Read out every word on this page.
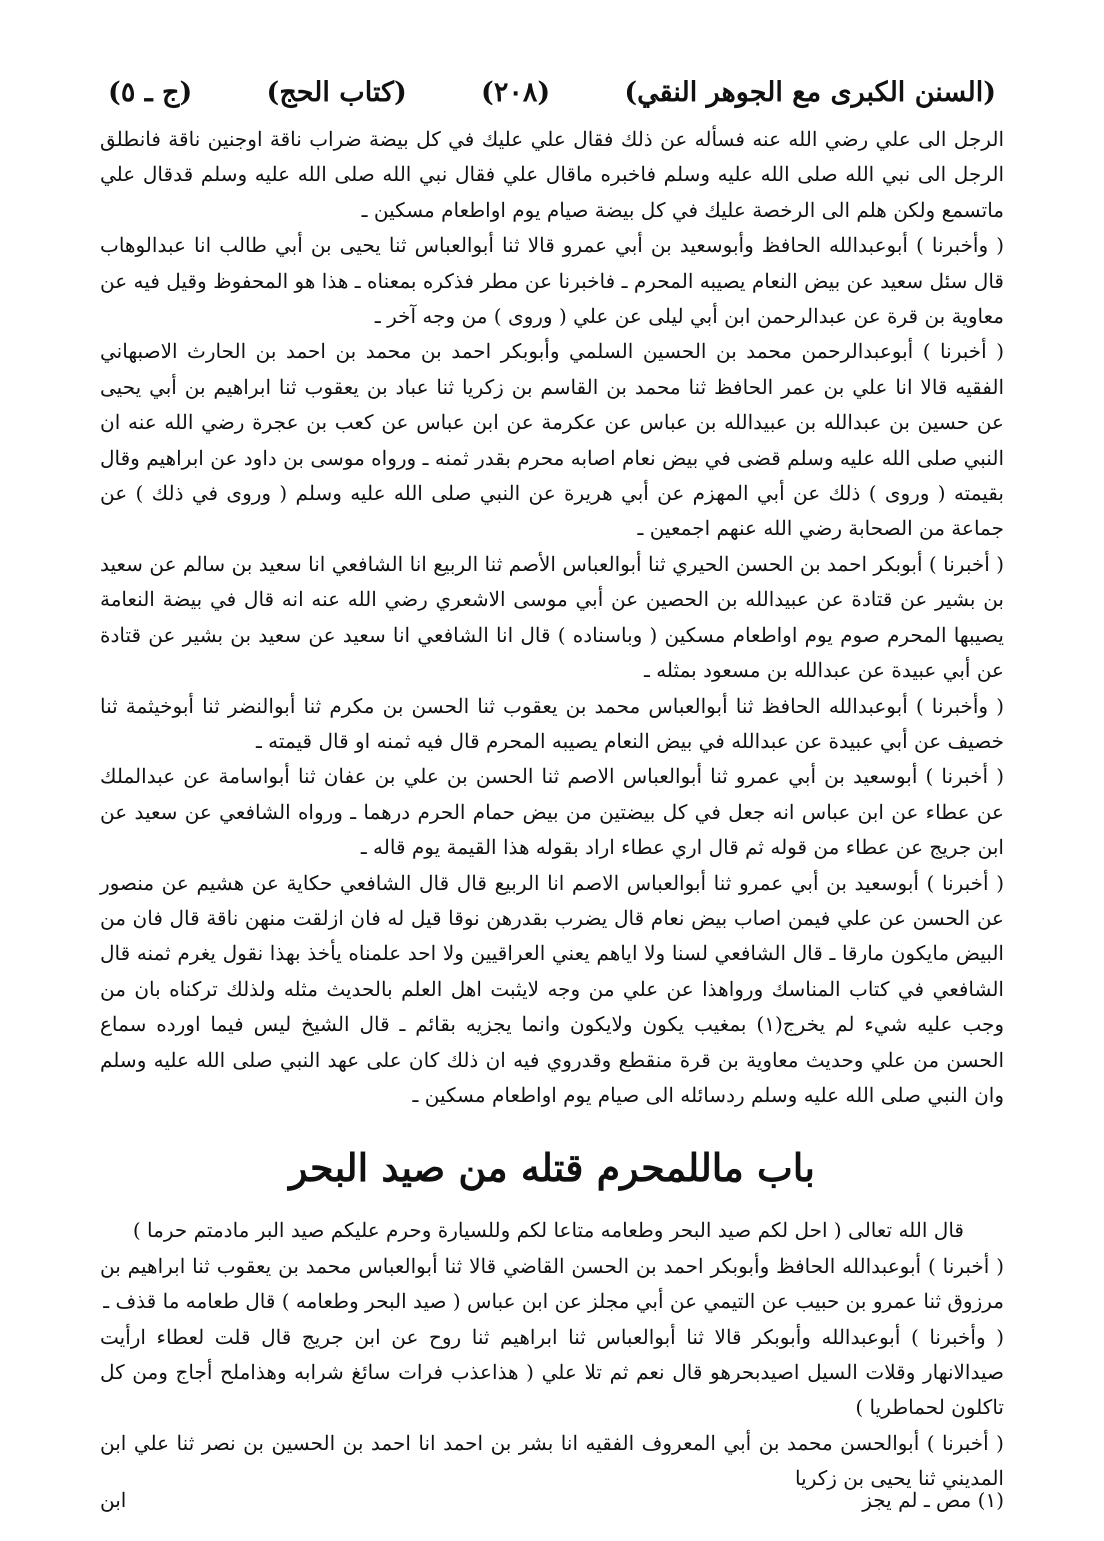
(السنن الكبرى مع الجوهر النقي)
(٢٠٨)
(كتاب الحج)
(ج ـ ٥)

الرجل الى علي رضي الله عنه فسأله عن ذلك فقال علي عليك في كل بيضة ضراب ناقة اوجنين ناقة فانطلق الرجل الى نبي الله صلى الله عليه وسلم فاخبره ماقال علي فقال نبي الله صلى الله عليه وسلم قدقال علي ماتسمع ولكن هلم الى الرخصة عليك في كل بيضة صيام يوم اواطعام مسكين ـ

( وأخبرنا ) أبوعبدالله الحافظ وأبوسعيد بن أبي عمرو قالا ثنا أبوالعباس ثنا يحيى بن أبي طالب انا عبدالوهاب قال سئل سعيد عن بيض النعام يصيبه المحرم ـ فاخبرنا عن مطر فذكره بمعناه ـ هذا هو المحفوظ وقيل فيه عن معاوية بن قرة عن عبدالرحمن ابن أبي ليلى عن علي ( وروى ) من وجه آخر ـ

( أخبرنا ) أبوعبدالرحمن محمد بن الحسين السلمي وأبوبكر احمد بن محمد بن احمد بن الحارث الاصبهاني الفقيه قالا انا علي بن عمر الحافظ ثنا محمد بن القاسم بن زكريا ثنا عباد بن يعقوب ثنا ابراهيم بن أبي يحيى عن حسين بن عبدالله بن عبيدالله بن عباس عن عكرمة عن ابن عباس عن كعب بن عجرة رضي الله عنه ان النبي صلى الله عليه وسلم قضى في بيض نعام اصابه محرم بقدر ثمنه ـ ورواه موسى بن داود عن ابراهيم وقال بقيمته ( وروى ) ذلك عن أبي المهزم عن أبي هريرة عن النبي صلى الله عليه وسلم ( وروى في ذلك ) عن جماعة من الصحابة رضي الله عنهم اجمعين ـ

( أخبرنا ) أبوبكر احمد بن الحسن الحيري ثنا أبوالعباس الأصم ثنا الربيع انا الشافعي انا سعيد بن سالم عن سعيد بن بشير عن قتادة عن عبيدالله بن الحصين عن أبي موسى الاشعري رضي الله عنه انه قال في بيضة النعامة يصيبها المحرم صوم يوم اواطعام مسكين ( وباسناده ) قال انا الشافعي انا سعيد عن سعيد بن بشير عن قتادة عن أبي عبيدة عن عبدالله بن مسعود بمثله ـ

( وأخبرنا ) أبوعبدالله الحافظ ثنا أبوالعباس محمد بن يعقوب ثنا الحسن بن مكرم ثنا أبوالنضر ثنا أبوخيثمة ثنا خصيف عن أبي عبيدة عن عبدالله في بيض النعام يصيبه المحرم قال فيه ثمنه او قال قيمته ـ

( أخبرنا ) أبوسعيد بن أبي عمرو ثنا أبوالعباس الاصم ثنا الحسن بن علي بن عفان ثنا أبواسامة عن عبدالملك عن عطاء عن ابن عباس انه جعل في كل بيضتين من بيض حمام الحرم درهما ـ ورواه الشافعي عن سعيد عن ابن جريج عن عطاء من قوله ثم قال اري عطاء اراد بقوله هذا القيمة يوم قاله ـ

( أخبرنا ) أبوسعيد بن أبي عمرو ثنا أبوالعباس الاصم انا الربيع قال قال الشافعي حكاية عن هشيم عن منصور عن الحسن عن علي فيمن اصاب بيض نعام قال يضرب بقدرهن نوقا قيل له فان ازلقت منهن ناقة قال فان من البيض مايكون مارقا ـ قال الشافعي لسنا ولا اياهم يعني العراقيين ولا احد علمناه يأخذ بهذا نقول يغرم ثمنه قال الشافعي في كتاب المناسك ورواهذا عن علي من وجه لايثبت اهل العلم بالحديث مثله ولذلك تركناه بان من وجب عليه شيء لم يخرج(١) بمغيب يكون ولايكون وانما يجزيه بقائم ـ قال الشيخ ليس فيما اورده سماع الحسن من علي وحديث معاوية بن قرة منقطع وقدروي فيه ان ذلك كان على عهد النبي صلى الله عليه وسلم وان النبي صلى الله عليه وسلم ردسائله الى صيام يوم اواطعام مسكين ـ

باب ماللمحرم قتله من صيد البحر

قال الله تعالى ( احل لكم صيد البحر وطعامه متاعا لكم وللسيارة وحرم عليكم صيد البر مادمتم حرما )

( أخبرنا ) أبوعبدالله الحافظ وأبوبكر احمد بن الحسن القاضي قالا ثنا أبوالعباس محمد بن يعقوب ثنا ابراهيم بن مرزوق ثنا عمرو بن حبيب عن التيمي عن أبي مجلز عن ابن عباس ( صيد البحر وطعامه ) قال طعامه ما قذف ـ

( وأخبرنا ) أبوعبدالله وأبوبكر قالا ثنا أبوالعباس ثنا ابراهيم ثنا روح عن ابن جريج قال قلت لعطاء ارأيت صيدالانهار وقلات السيل اصيدبحرهو قال نعم ثم تلا علي ( هذاعذب فرات سائغ شرابه وهذاملح أجاج ومن كل تاكلون لحماطريا )

( أخبرنا ) أبوالحسن محمد بن أبي المعروف الفقيه انا بشر بن احمد انا احمد بن الحسين بن نصر ثنا علي ابن المديني ثنا يحيى بن زكريا

(١) مص ـ لم يجز
ابن
